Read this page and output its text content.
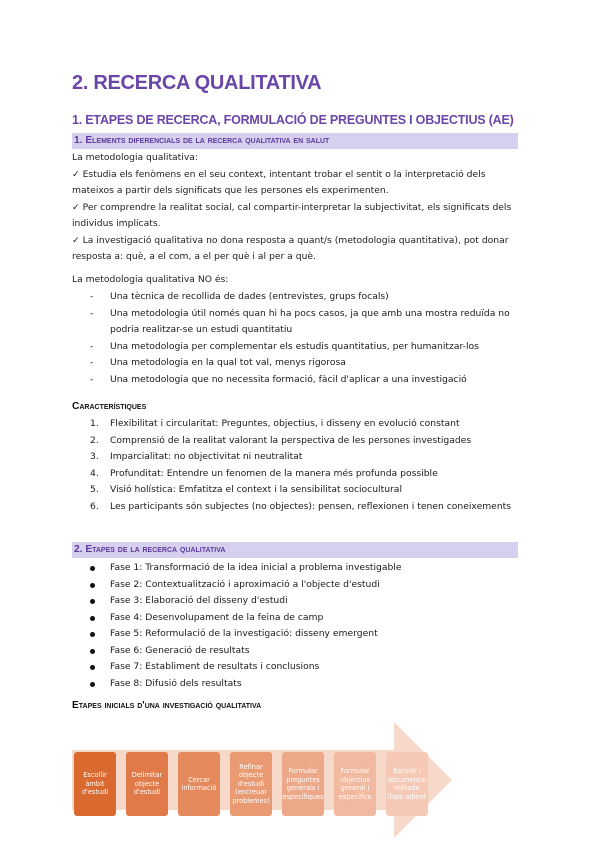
2. RECERCA QUALITATIVA
1. ETAPES DE RECERCA, FORMULACIÓ DE PREGUNTES I OBJECTIUS (AE)
1. Elements diferencials de la recerca qualitativa en salut

La metodologia qualitativa:

✓ Estudia els fenòmens en el seu context, intentant trobar el sentit o la interpretació dels mateixos a partir dels significats que les persones els experimenten.

✓ Per comprendre la realitat social, cal compartir-interpretar la subjectivitat, els significats dels individus implicats.

✓ La investigació qualitativa no dona resposta a quant/s (metodologia quantitativa), pot donar resposta a: què, a el com, a el per què i al per a què.

La metodologia qualitativa NO és:
- Una tècnica de recollida de dades (entrevistes, grups focals)
- Una metodologia útil només quan hi ha pocs casos, ja que amb una mostra reduïda no podria realitzar-se un estudi quantitatiu
- Una metodologia per complementar els estudis quantitatius, per humanitzar-los
- Una metodologia en la qual tot val, menys rigorosa
- Una metodologia que no necessita formació, fàcil d'aplicar a una investigació
Característiques
1. Flexibilitat i circularitat: Preguntes, objectius, i disseny en evolució constant
2. Comprensió de la realitat valorant la perspectiva de les persones investigades
3. Imparcialitat: no objectivitat ni neutralitat
4. Profunditat: Entendre un fenomen de la manera més profunda possible
5. Visió holística: Emfatitza el context i la sensibilitat sociocultural
6. Les participants són subjectes (no objectes): pensen, reflexionen i tenen coneixements
2. Etapes de la recerca qualitativa
Fase 1: Transformació de la idea inicial a problema investigable
Fase 2: Contextualització i aproximació a l'objecte d'estudi
Fase 3: Elaboració del disseny d'estudi
Fase 4: Desenvolupament de la feina de camp
Fase 5: Reformulació de la investigació: disseny emergent
Fase 6: Generació de resultats
Fase 7: Establiment de resultats i conclusions
Fase 8: Difusió dels resultats
Etapes inicials d'una investigació qualitativa
Escollir àmbit d'estudi
Delimitar objecte d'estudi
Cercar informació
Refinar objecte d'estudi (encreuar problemes)
Formular preguntes generals i específiques
Formular objectius general i específics
Escollir i documentar mètode lògic adient
